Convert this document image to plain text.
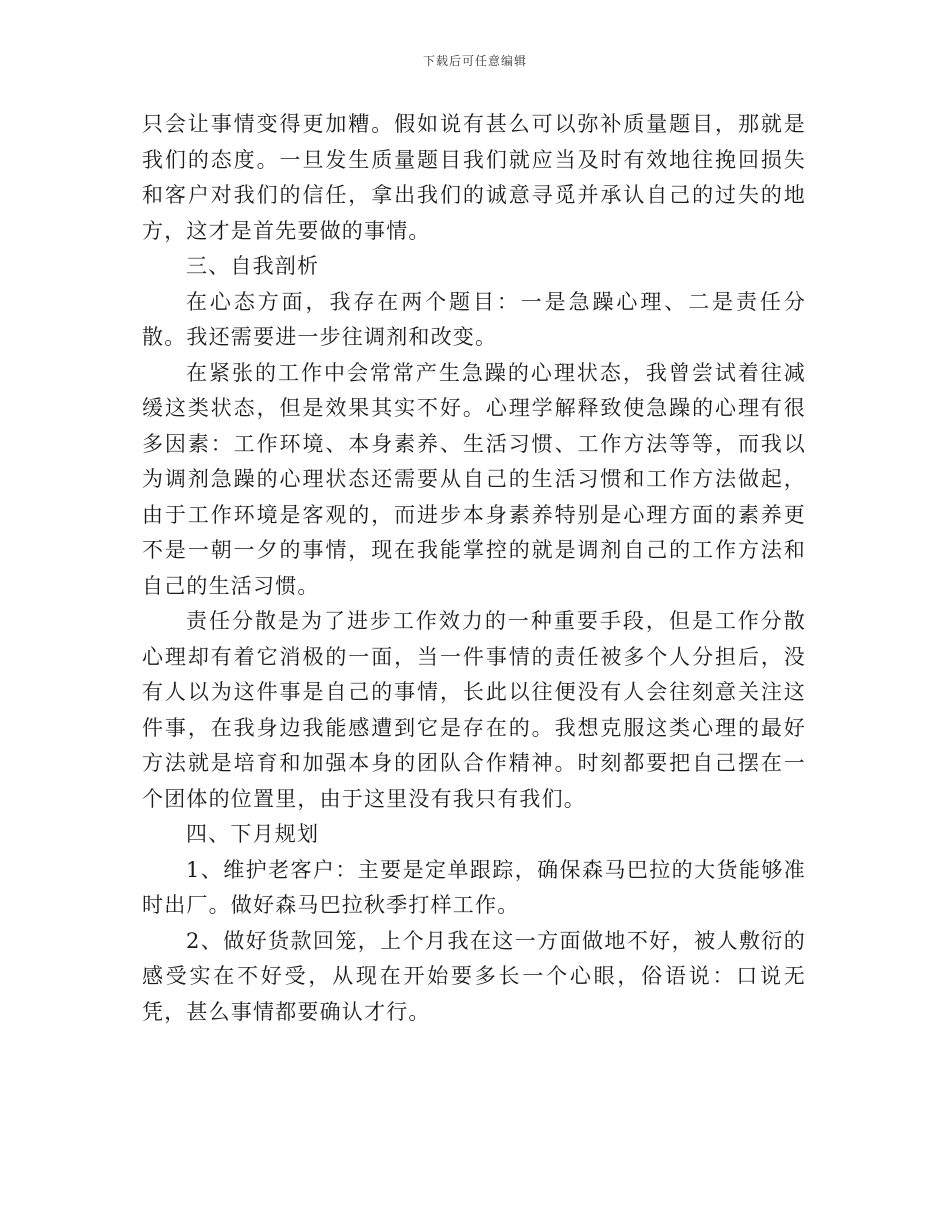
下载后可任意编辑

只会让事情变得更加糟。假如说有甚么可以弥补质量题目，那就是我们的态度。一旦发生质量题目我们就应当及时有效地往挽回损失和客户对我们的信任，拿出我们的诚意寻觅并承认自己的过失的地方，这才是首先要做的事情。

三、自我剖析

在心态方面，我存在两个题目：一是急躁心理、二是责任分散。我还需要进一步往调剂和改变。

在紧张的工作中会常常产生急躁的心理状态，我曾尝试着往减缓这类状态，但是效果其实不好。心理学解释致使急躁的心理有很多因素：工作环境、本身素养、生活习惯、工作方法等等，而我以为调剂急躁的心理状态还需要从自己的生活习惯和工作方法做起，由于工作环境是客观的，而进步本身素养特别是心理方面的素养更不是一朝一夕的事情，现在我能掌控的就是调剂自己的工作方法和自己的生活习惯。

责任分散是为了进步工作效力的一种重要手段，但是工作分散心理却有着它消极的一面，当一件事情的责任被多个人分担后，没有人以为这件事是自己的事情，长此以往便没有人会往刻意关注这件事，在我身边我能感遭到它是存在的。我想克服这类心理的最好方法就是培育和加强本身的团队合作精神。时刻都要把自己摆在一个团体的位置里，由于这里没有我只有我们。

四、下月规划

1、维护老客户：主要是定单跟踪，确保森马巴拉的大货能够准时出厂。做好森马巴拉秋季打样工作。

2、做好货款回笼，上个月我在这一方面做地不好，被人敷衍的感受实在不好受，从现在开始要多长一个心眼，俗语说：口说无凭，甚么事情都要确认才行。
